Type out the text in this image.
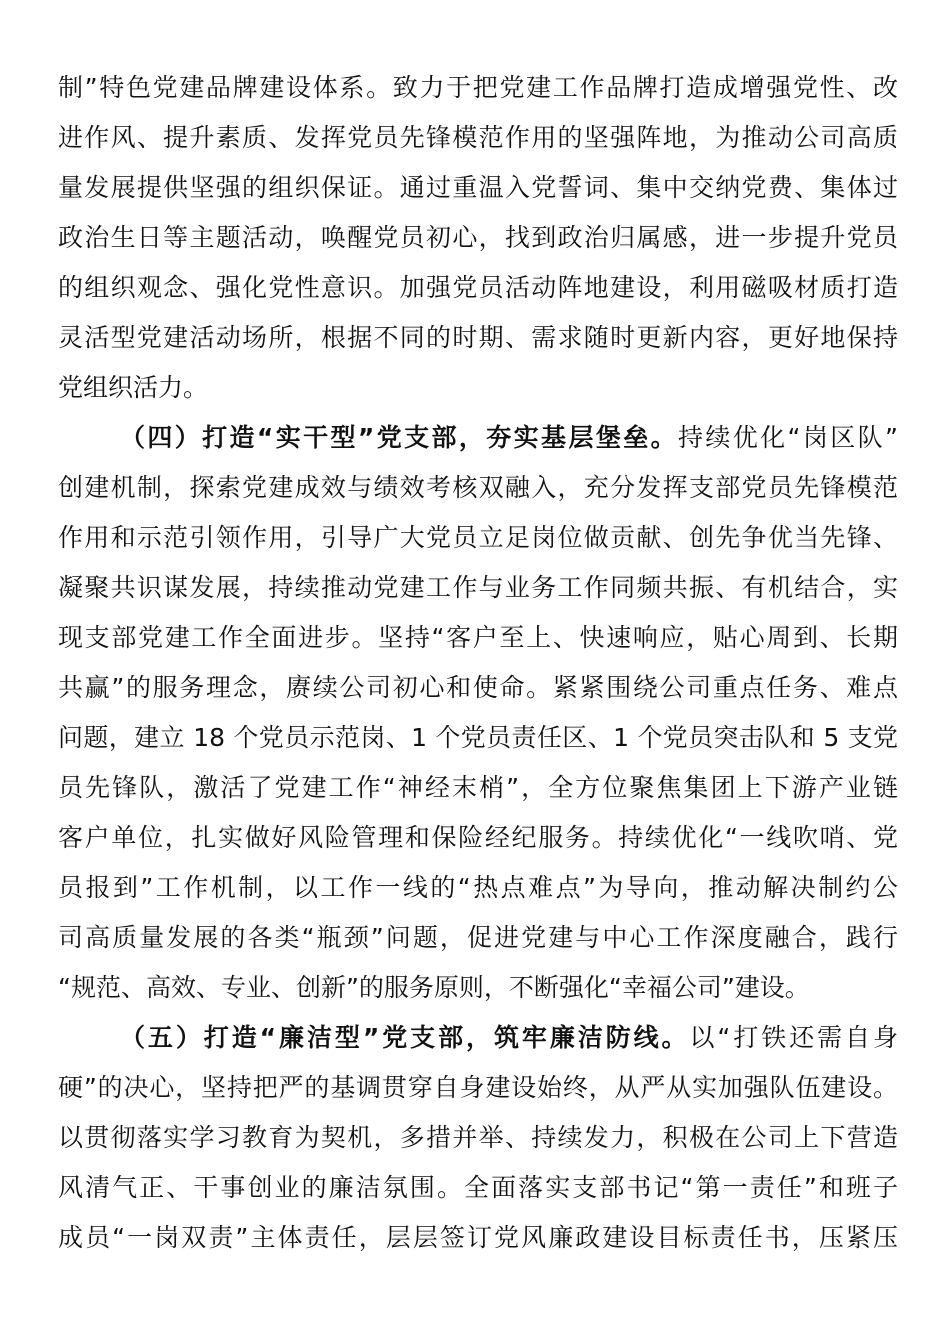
制”特色党建品牌建设体系。致力于把党建工作品牌打造成增强党性、改
进作风、提升素质、发挥党员先锋模范作用的坚强阵地，为推动公司高质
量发展提供坚强的组织保证。通过重温入党誓词、集中交纳党费、集体过
政治生日等主题活动，唤醒党员初心，找到政治归属感，进一步提升党员
的组织观念、强化党性意识。加强党员活动阵地建设，利用磁吸材质打造
灵活型党建活动场所，根据不同的时期、需求随时更新内容，更好地保持
党组织活力。
（四）打造“实干型”党支部，夯实基层堡垒。持续优化“岗区队”
创建机制，探索党建成效与绩效考核双融入，充分发挥支部党员先锋模范
作用和示范引领作用，引导广大党员立足岗位做贡献、创先争优当先锋、
凝聚共识谋发展，持续推动党建工作与业务工作同频共振、有机结合，实
现支部党建工作全面进步。坚持“客户至上、快速响应，贴心周到、长期
共赢”的服务理念，赓续公司初心和使命。紧紧围绕公司重点任务、难点
问题，建立 18 个党员示范岗、1 个党员责任区、1 个党员突击队和 5 支党
员先锋队，激活了党建工作“神经末梢”，全方位聚焦集团上下游产业链
客户单位，扎实做好风险管理和保险经纪服务。持续优化“一线吹哨、党
员报到”工作机制，以工作一线的“热点难点”为导向，推动解决制约公
司高质量发展的各类“瓶颈”问题，促进党建与中心工作深度融合，践行
“规范、高效、专业、创新”的服务原则，不断强化“幸福公司”建设。
（五）打造“廉洁型”党支部，筑牢廉洁防线。以“打铁还需自身
硬”的决心，坚持把严的基调贯穿自身建设始终，从严从实加强队伍建设。
以贯彻落实学习教育为契机，多措并举、持续发力，积极在公司上下营造
风清气正、干事创业的廉洁氛围。全面落实支部书记“第一责任”和班子
成员“一岗双责”主体责任，层层签订党风廉政建设目标责任书，压紧压
